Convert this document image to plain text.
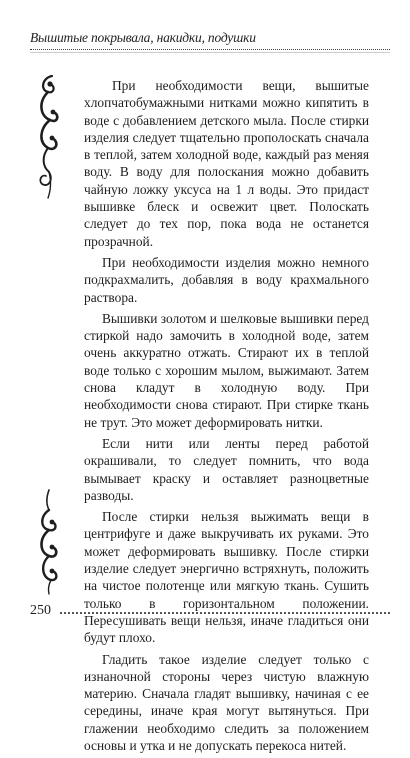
Вышитые покрывала, накидки, подушки

При необходимости вещи, вышитые хлопчатобумажными нитками можно кипятить в воде с добавлением детского мыла. После стирки изделия следует тщательно прополоскать сначала в теплой, затем холодной воде, каждый раз меняя воду. В воду для полоскания можно добавить чайную ложку уксуса на 1 л воды. Это придаст вышивке блеск и освежит цвет. Полоскать следует до тех пор, пока вода не останется прозрачной.

При необходимости изделия можно немного подкрахмалить, добавляя в воду крахмального раствора.

Вышивки золотом и шелковые вышивки перед стиркой надо замочить в холодной воде, затем очень аккуратно отжать. Стирают их в теплой воде только с хорошим мылом, выжимают. Затем снова кладут в холодную воду. При необходимости снова стирают. При стирке ткань не трут. Это может деформировать нитки.

Если нити или ленты перед работой окрашивали, то следует помнить, что вода вымывает краску и оставляет разноцветные разводы.

После стирки нельзя выжимать вещи в центрифуге и даже выкручивать их руками. Это может деформировать вышивку. После стирки изделие следует энергично встряхнуть, положить на чистое полотенце или мягкую ткань. Сушить только в горизонтальном положении. Пересушивать вещи нельзя, иначе гладиться они будут плохо.

Гладить такое изделие следует только с изнаночной стороны через чистую влажную материю. Сначала гладят вышивку, начиная с ее середины, иначе края могут вытянуться. При глажении необходимо следить за положением основы и утка и не допускать перекоса нитей.

250
